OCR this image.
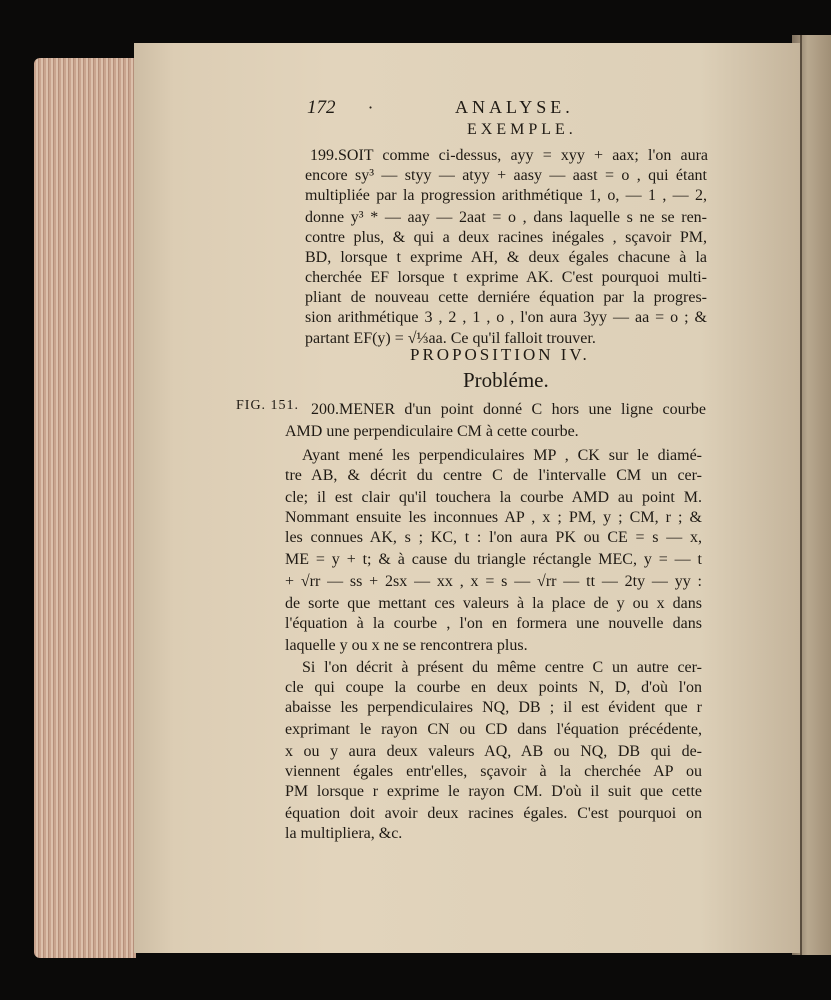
172 ·	ANALYSE.
EXEMPLE.
199.SOIT comme ci-dessus, ayy = xyy + aax; l'on aura
encore sy³ — styy — atyy + aasy — aast = o , qui étant
multipliée par la progression arithmétique 1, o, — 1 , — 2,
donne y³ * — aay — 2aat = o , dans laquelle s ne se ren-
contre plus, & qui a deux racines inégales , sçavoir PM,
BD, lorsque t exprime AH, & deux égales chacune à la
cherchée EF lorsque t exprime AK. C'est pourquoi multi-
pliant de nouveau cette derniére équation par la progres-
sion arithmétique 3 , 2 , 1 , o , l'on aura 3yy — aa = o ; &
PROPOSITION IV.
Probléme.
FIG. 151. 200.MENER d'un point donné C hors une ligne courbe
Ayant mené les perpendiculaires MP , CK sur le diamé-
tre AB, & décrit du centre C de l'intervalle CM un cer-
cle; il est clair qu'il touchera la courbe AMD au point M.
Nommant ensuite les inconnues AP , x ; PM, y ; CM, r ; &
les connues AK, s ; KC, t : l'on aura PK ou CE = s — x,
ME = y + t; & à cause du triangle réctangle MEC, y = — t
+ √rr — ss + 2sx — xx , x = s — √rr — tt — 2ty — yy :
de sorte que mettant ces valeurs à la place de y ou x dans
l'équation à la courbe , l'on en formera une nouvelle dans
Si l'on décrit à présent du même centre C un autre cer-
cle qui coupe la courbe en deux points N, D, d'où l'on
abaisse les perpendiculaires NQ, DB ; il est évident que r
exprimant le rayon CN ou CD dans l'équation précédente,
x ou y aura deux valeurs AQ, AB ou NQ, DB qui de-
viennent égales entr'elles, sçavoir à la cherchée AP ou
PM lorsque r exprime le rayon CM. D'où il suit que cette
équation doit avoir deux racines égales. C'est pourquoi on
